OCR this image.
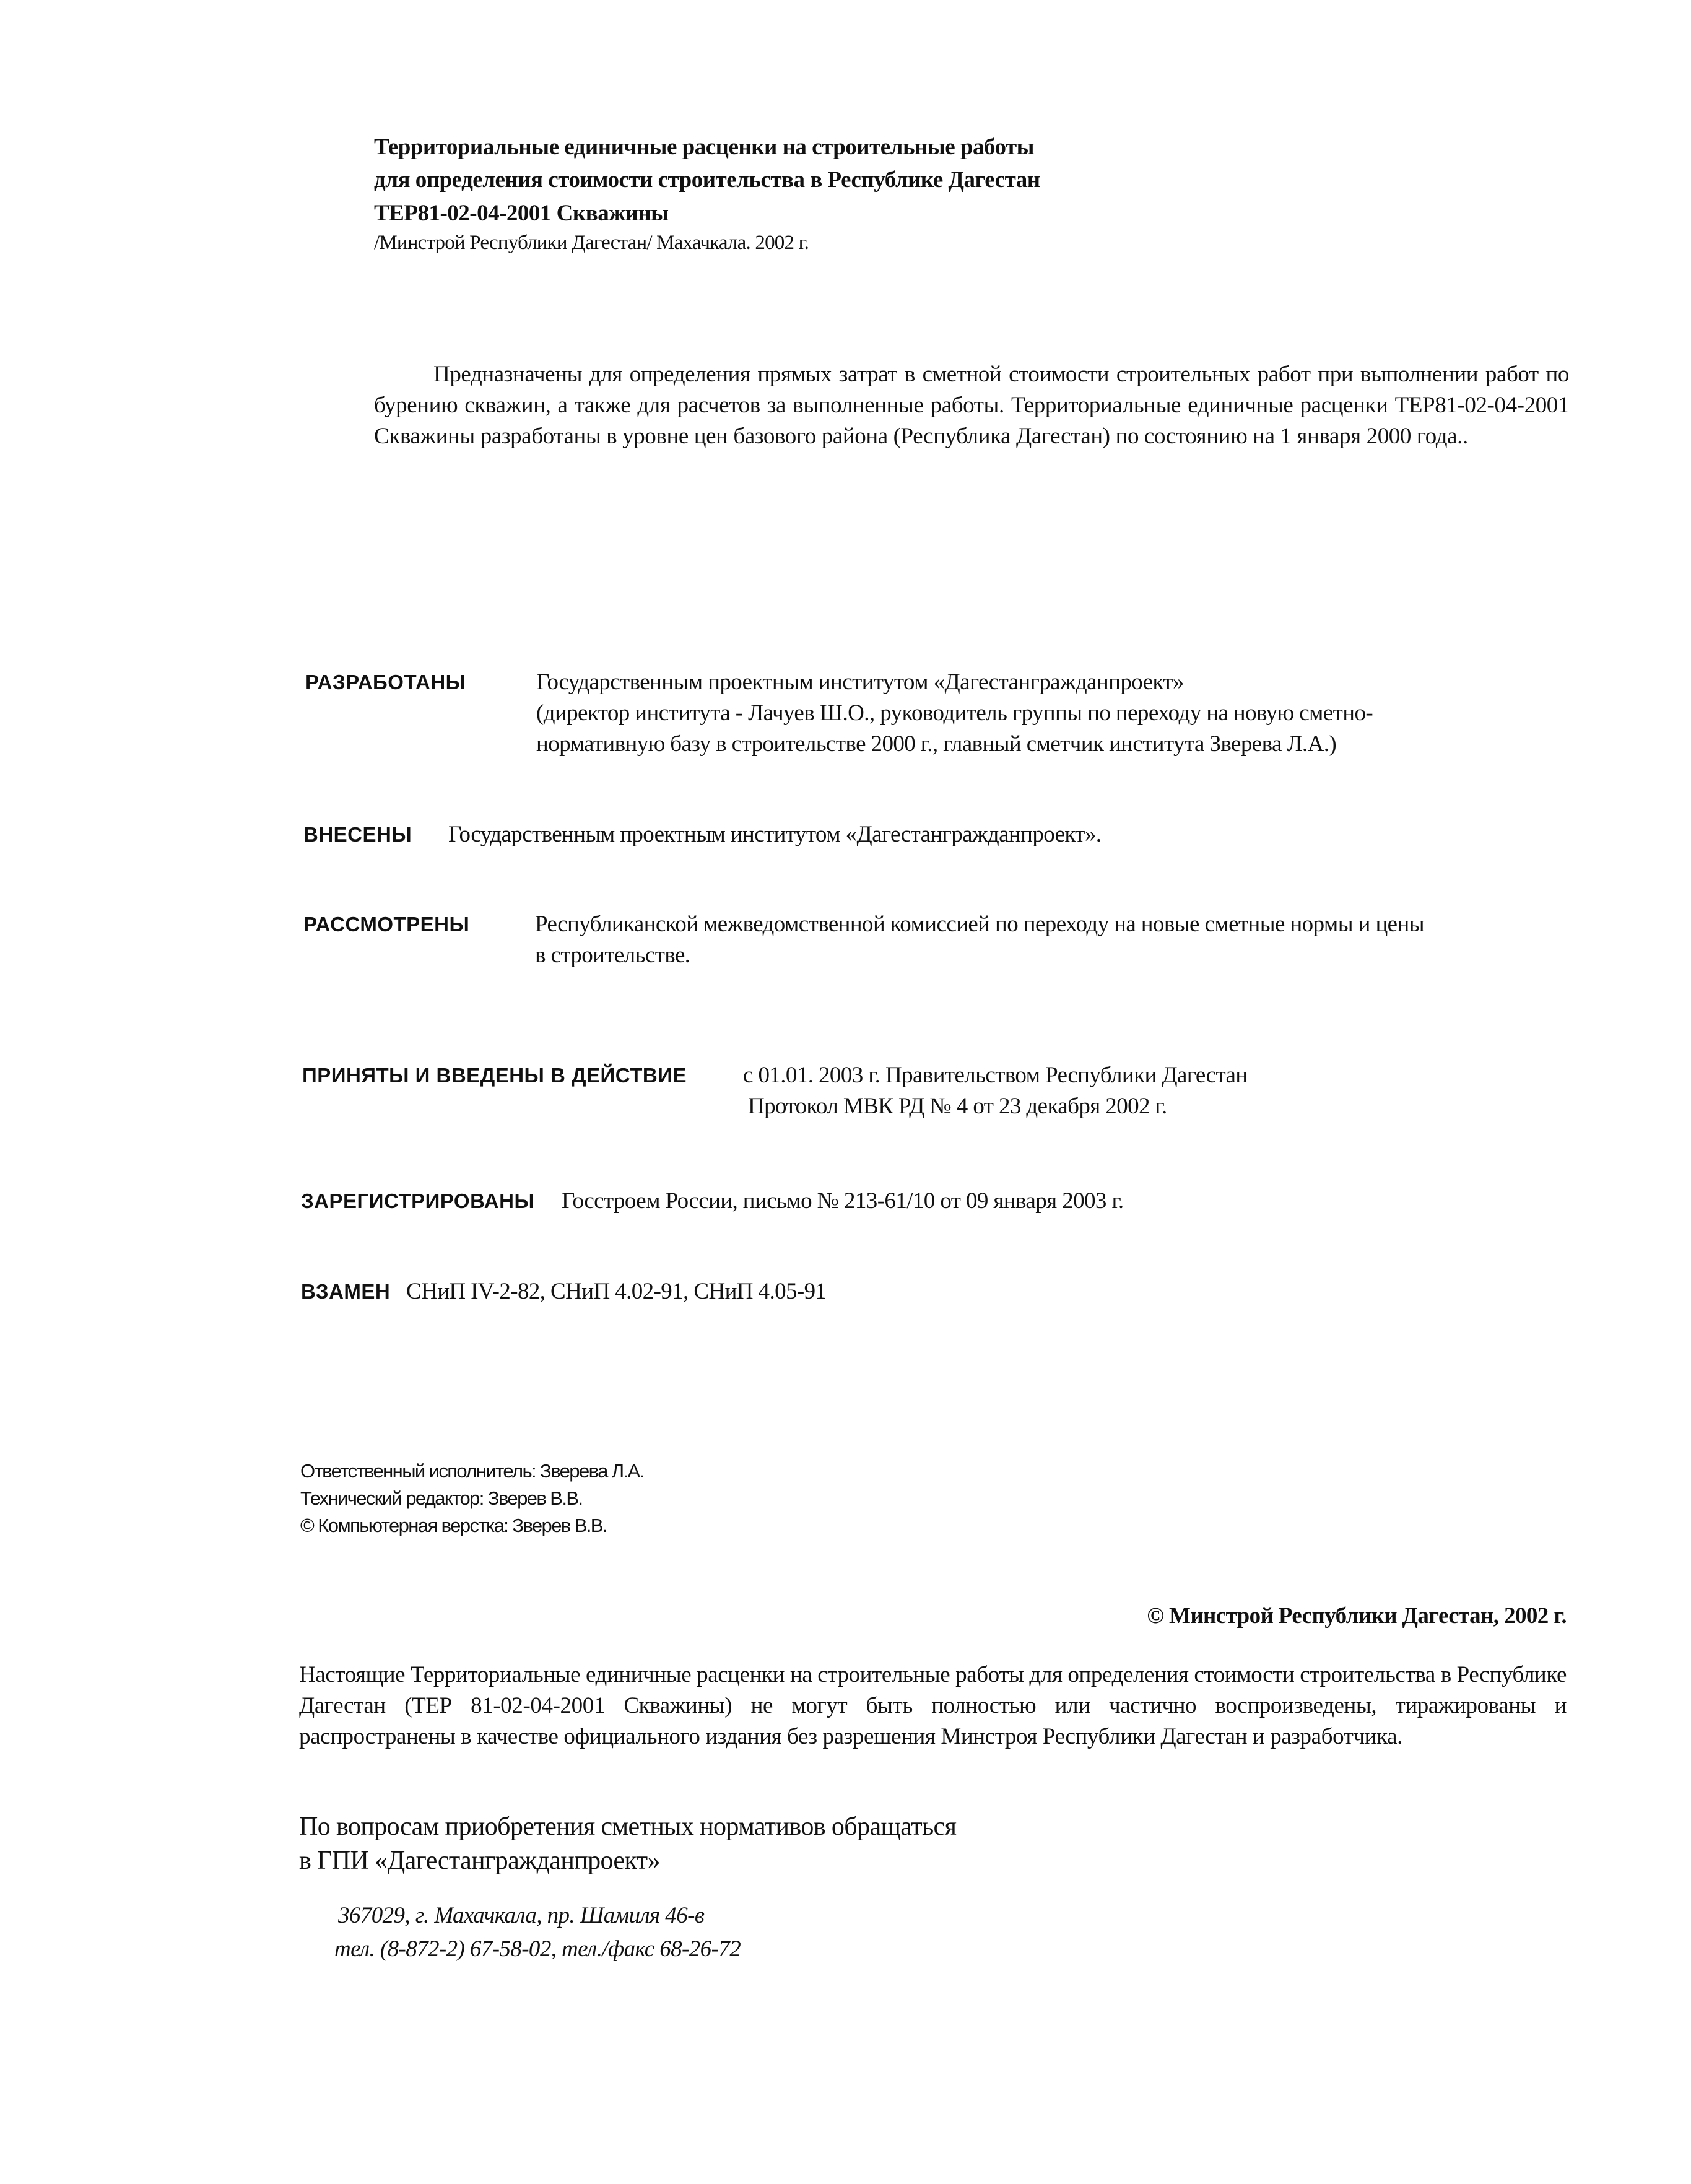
Территориальные единичные расценки на строительные работы
для определения стоимости строительства в Республике Дагестан
ТЕР81-02-04-2001 Скважины
/Минстрой Республики Дагестан/ Махачкала. 2002 г.
Предназначены для определения прямых затрат в сметной стоимости строительных работ при выполнении работ по бурению скважин, а также для расчетов за выполненные работы. Территориальные единичные расценки ТЕР81-02-04-2001 Скважины разработаны в уровне цен базового района (Республика Дагестан) по состоянию на 1 января 2000 года..
РАЗРАБОТАНЫ	Государственным проектным институтом «Дагестангражданпроект»
(директор института - Лачуев Ш.О., руководитель группы по переходу на новую сметно-
нормативную базу в строительстве 2000 г., главный сметчик института Зверева Л.А.)
ВНЕСЕНЫ Государственным проектным институтом «Дагестангражданпроект».
РАССМОТРЕНЫ	Республиканской межведомственной комиссией по переходу на новые сметные нормы и цены
в строительстве.
ПРИНЯТЫ И ВВЕДЕНЫ В ДЕЙСТВИЕ с 01.01. 2003 г. Правительством Республики Дагестан
Протокол МВК РД № 4 от 23 декабря 2002 г.
ЗАРЕГИСТРИРОВАНЫ Госстроем России, письмо № 213-61/10 от 09 января 2003 г.
ВЗАМЕН СНиП IV-2-82, СНиП 4.02-91, СНиП 4.05-91
Ответственный исполнитель: Зверева Л.А.
Технический редактор: Зверев В.В.
© Компьютерная верстка: Зверев В.В.
© Минстрой Республики Дагестан, 2002 г.
Настоящие Территориальные единичные расценки на строительные работы для определения стоимости строительства в Республике Дагестан (ТЕР 81-02-04-2001 Скважины) не могут быть полностью или частично воспроизведены, тиражированы и распространены в качестве официального издания без разрешения Минстроя Республики Дагестан и разработчика.
По вопросам приобретения сметных нормативов обращаться
в ГПИ «Дагестангражданпроект»
367029, г. Махачкала, пр. Шамиля 46-в
тел. (8-872-2) 67-58-02, тел./факс 68-26-72
